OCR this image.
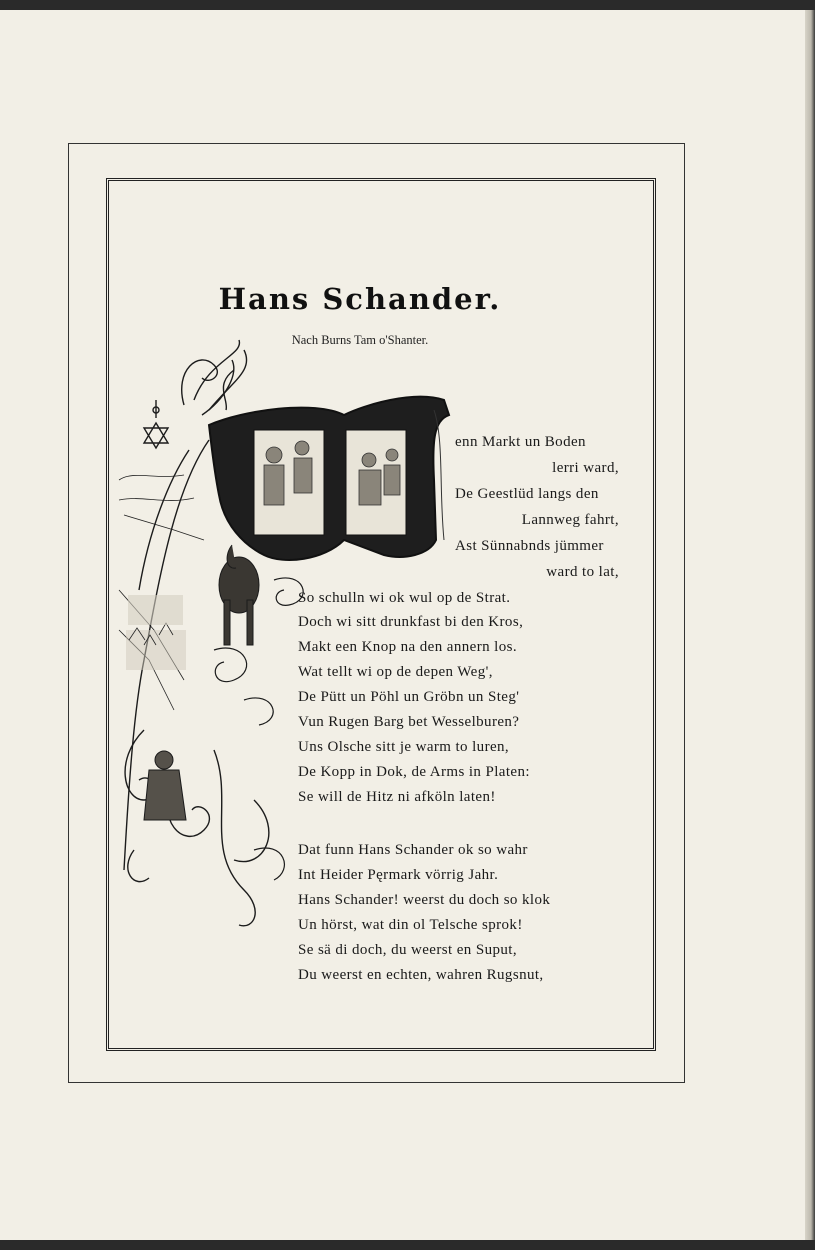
Hans Schander.
Nach Burns Tam o'Shanter.
enn Markt un Boden
lerri ward,
De Geestlüd langs den
Lannweg fahrt,
Ast Sünnabnds jümmer
ward to lat,
So schulln wi ok wul op de Strat.
Doch wi sitt drunkfast bi den Kros,
Makt een Knop na den annern los.
Wat tellt wi op de depen Weg',
De Pütt un Pöhl un Gröbn un Steg'
Vun Rugen Barg bet Wesselburen?
Uns Olsche sitt je warm to luren,
De Kopp in Dok, de Arms in Platen:
Se will de Hitz ni afköln laten!
Dat funn Hans Schander ok so wahr
Int Heider Pęrmark vörrig Jahr.
Hans Schander! weerst du doch so klok
Un hörst, wat din ol Telsche sprok!
Se sä di doch, du weerst en Suput,
Du weerst en echten, wahren Rugsnut,
